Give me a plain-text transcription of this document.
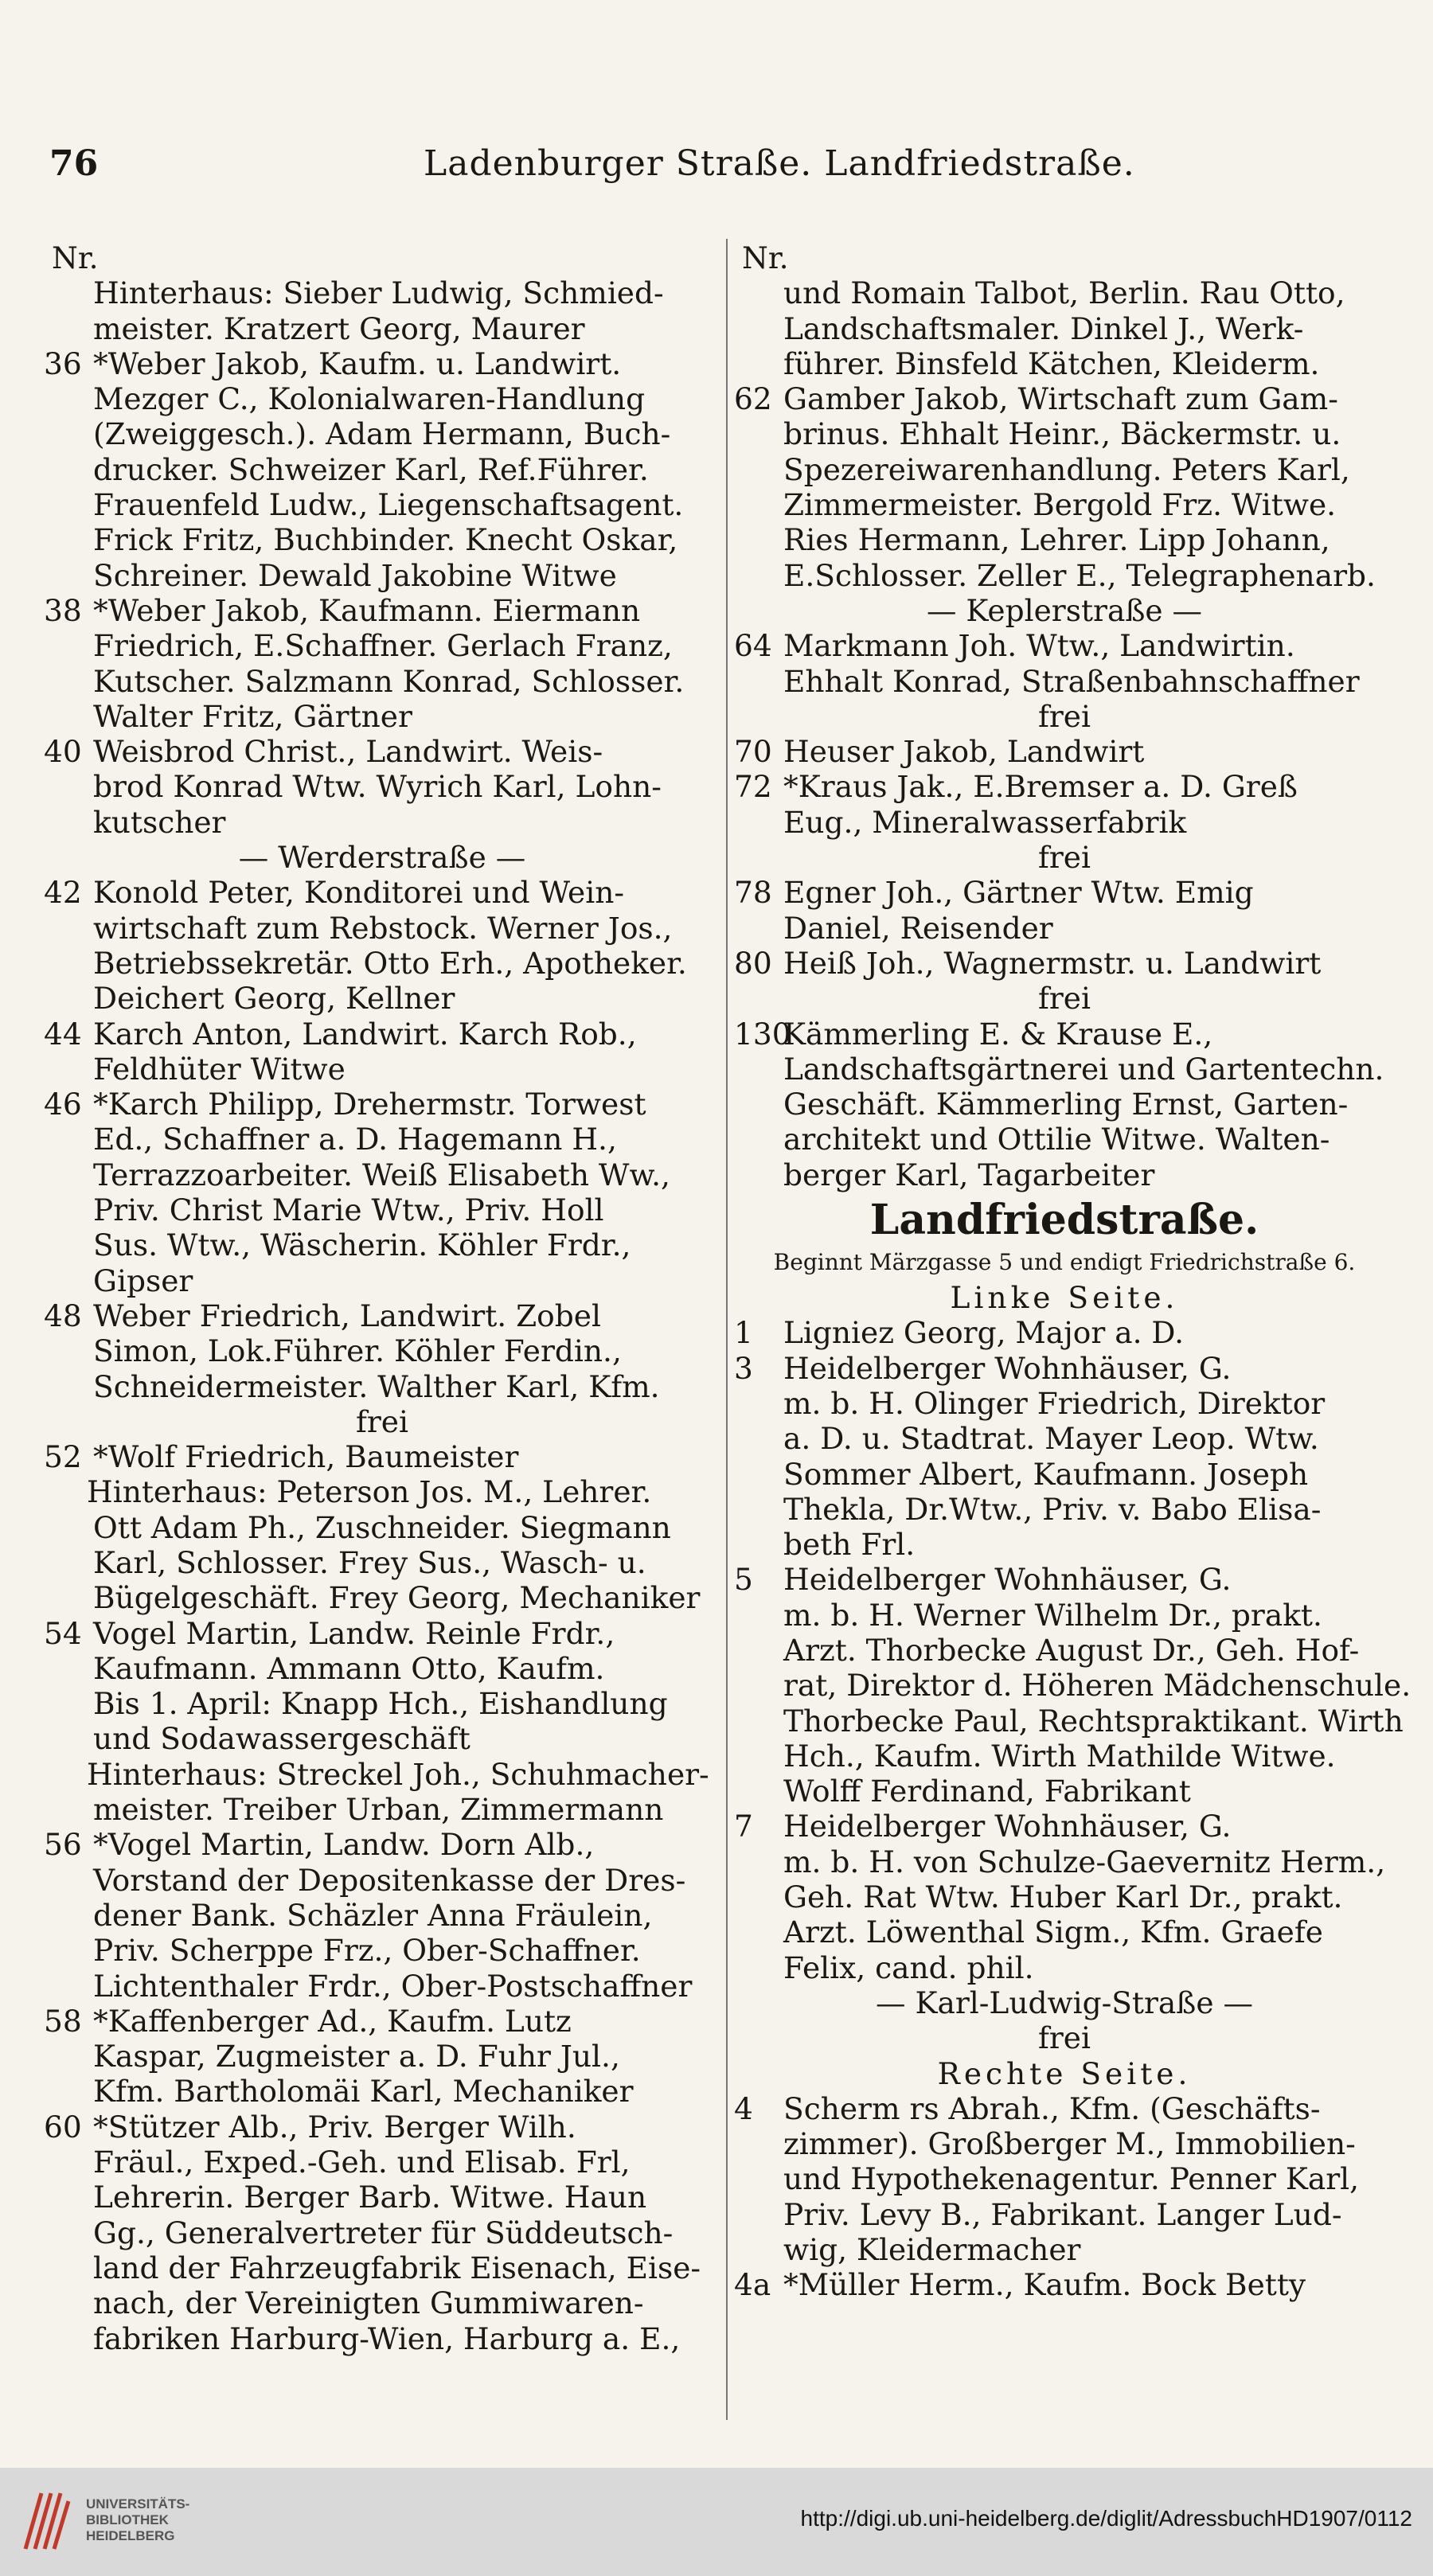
76	Ladenburger Straße. Landfriedstraße.
Nr.
Hinterhaus: Sieber Ludwig, Schmied-
meister. Kratzert Georg, Maurer
36 *Weber Jakob, Kaufm. u. Landwirt.
Mezger C., Kolonialwaren-Handlung
(Zweiggesch.). Adam Hermann, Buch-
drucker. Schweizer Karl, Ref.Führer.
Frauenfeld Ludw., Liegenschaftsagent.
Frick Fritz, Buchbinder. Knecht Oskar,
Schreiner. Dewald Jakobine Witwe
38 *Weber Jakob, Kaufmann. Eiermann
Friedrich, E.Schaffner. Gerlach Franz,
Kutscher. Salzmann Konrad, Schlosser.
Walter Fritz, Gärtner
40 Weisbrod Christ., Landwirt. Weis-
brod Konrad Wtw. Wyrich Karl, Lohn-
kutscher
— Werderstraße —
42 Konold Peter, Konditorei und Wein-
wirtschaft zum Rebstock. Werner Jos.,
Betriebssekretär. Otto Erh., Apotheker.
Deichert Georg, Kellner
44 Karch Anton, Landwirt. Karch Rob.,
Feldhüter Witwe
46 *Karch Philipp, Drehermstr. Torwest
Ed., Schaffner a. D. Hagemann H.,
Terrazzoarbeiter. Weiß Elisabeth Ww.,
Priv. Christ Marie Wtw., Priv. Holl
Sus. Wtw., Wäscherin. Köhler Frdr.,
Gipser
48 Weber Friedrich, Landwirt. Zobel
Simon, Lok.Führer. Köhler Ferdin.,
Schneidermeister. Walther Karl, Kfm.
frei
52 *Wolf Friedrich, Baumeister
Hinterhaus: Peterson Jos. M., Lehrer.
Ott Adam Ph., Zuschneider. Siegmann
Karl, Schlosser. Frey Sus., Wasch- u.
Bügelgeschäft. Frey Georg, Mechaniker
54 Vogel Martin, Landw. Reinle Frdr.,
Kaufmann. Ammann Otto, Kaufm.
Bis 1. April: Knapp Hch., Eishandlung
und Sodawassergeschäft
Hinterhaus: Streckel Joh., Schuhmacher-
meister. Treiber Urban, Zimmermann
56 *Vogel Martin, Landw. Dorn Alb.,
Vorstand der Depositenkasse der Dres-
dener Bank. Schäzler Anna Fräulein,
Priv. Scherppe Frz., Ober-Schaffner.
Lichtenthaler Frdr., Ober-Postschaffner
58 *Kaffenberger Ad., Kaufm. Lutz
Kaspar, Zugmeister a. D. Fuhr Jul.,
Kfm. Bartholomäi Karl, Mechaniker
60 *Stützer Alb., Priv. Berger Wilh.
Fräul., Exped.-Geh. und Elisab. Frl,
Lehrerin. Berger Barb. Witwe. Haun
Gg., Generalvertreter für Süddeutsch-
land der Fahrzeugfabrik Eisenach, Eise-
nach, der Vereinigten Gummiwaren-
fabriken Harburg-Wien, Harburg a. E.,
Nr.
und Romain Talbot, Berlin. Rau Otto,
Landschaftsmaler. Dinkel J., Werk-
führer. Binsfeld Kätchen, Kleiderm.
62 Gamber Jakob, Wirtschaft zum Gam-
brinus. Ehhalt Heinr., Bäckermstr. u.
Spezereiwarenhandlung. Peters Karl,
Zimmermeister. Bergold Frz. Witwe.
Ries Hermann, Lehrer. Lipp Johann,
E.Schlosser. Zeller E., Telegraphenarb.
— Keplerstraße —
64 Markmann Joh. Wtw., Landwirtin.
Ehhalt Konrad, Straßenbahnschaffner
frei
70 Heuser Jakob, Landwirt
72 *Kraus Jak., E.Bremser a. D. Greß
Eug., Mineralwasserfabrik
frei
78 Egner Joh., Gärtner Wtw. Emig
Daniel, Reisender
80 Heiß Joh., Wagnermstr. u. Landwirt
frei
130Kämmerling E. & Krause E.,
Landschaftsgärtnerei und Gartentechn.
Geschäft. Kämmerling Ernst, Garten-
architekt und Ottilie Witwe. Walten-
berger Karl, Tagarbeiter
Landfriedstraße.
Beginnt Märzgasse 5 und endigt Friedrichstraße 6.
Linke Seite.
1 Ligniez Georg, Major a. D.
3 Heidelberger Wohnhäuser, G.
m. b. H. Olinger Friedrich, Direktor
a. D. u. Stadtrat. Mayer Leop. Wtw.
Sommer Albert, Kaufmann. Joseph
Thekla, Dr.Wtw., Priv. v. Babo Elisa-
beth Frl.
5 Heidelberger Wohnhäuser, G.
m. b. H. Werner Wilhelm Dr., prakt.
Arzt. Thorbecke August Dr., Geh. Hof-
rat, Direktor d. Höheren Mädchenschule.
Thorbecke Paul, Rechtspraktikant. Wirth
Hch., Kaufm. Wirth Mathilde Witwe.
Wolff Ferdinand, Fabrikant
7 Heidelberger Wohnhäuser, G.
m. b. H. von Schulze-Gaevernitz Herm.,
Geh. Rat Wtw. Huber Karl Dr., prakt.
Arzt. Löwenthal Sigm., Kfm. Graefe
Felix, cand. phil.
— Karl-Ludwig-Straße —
frei
Rechte Seite.
4 Scherm rs Abrah., Kfm. (Geschäfts-
zimmer). Großberger M., Immobilien-
und Hypothekenagentur. Penner Karl,
Priv. Levy B., Fabrikant. Langer Lud-
wig, Kleidermacher
4a *Müller Herm., Kaufm. Bock Betty
UNIVERSITÄTS-
BIBLIOTHEK
HEIDELBERG
http://digi.ub.uni-heidelberg.de/diglit/AdressbuchHD1907/0112
